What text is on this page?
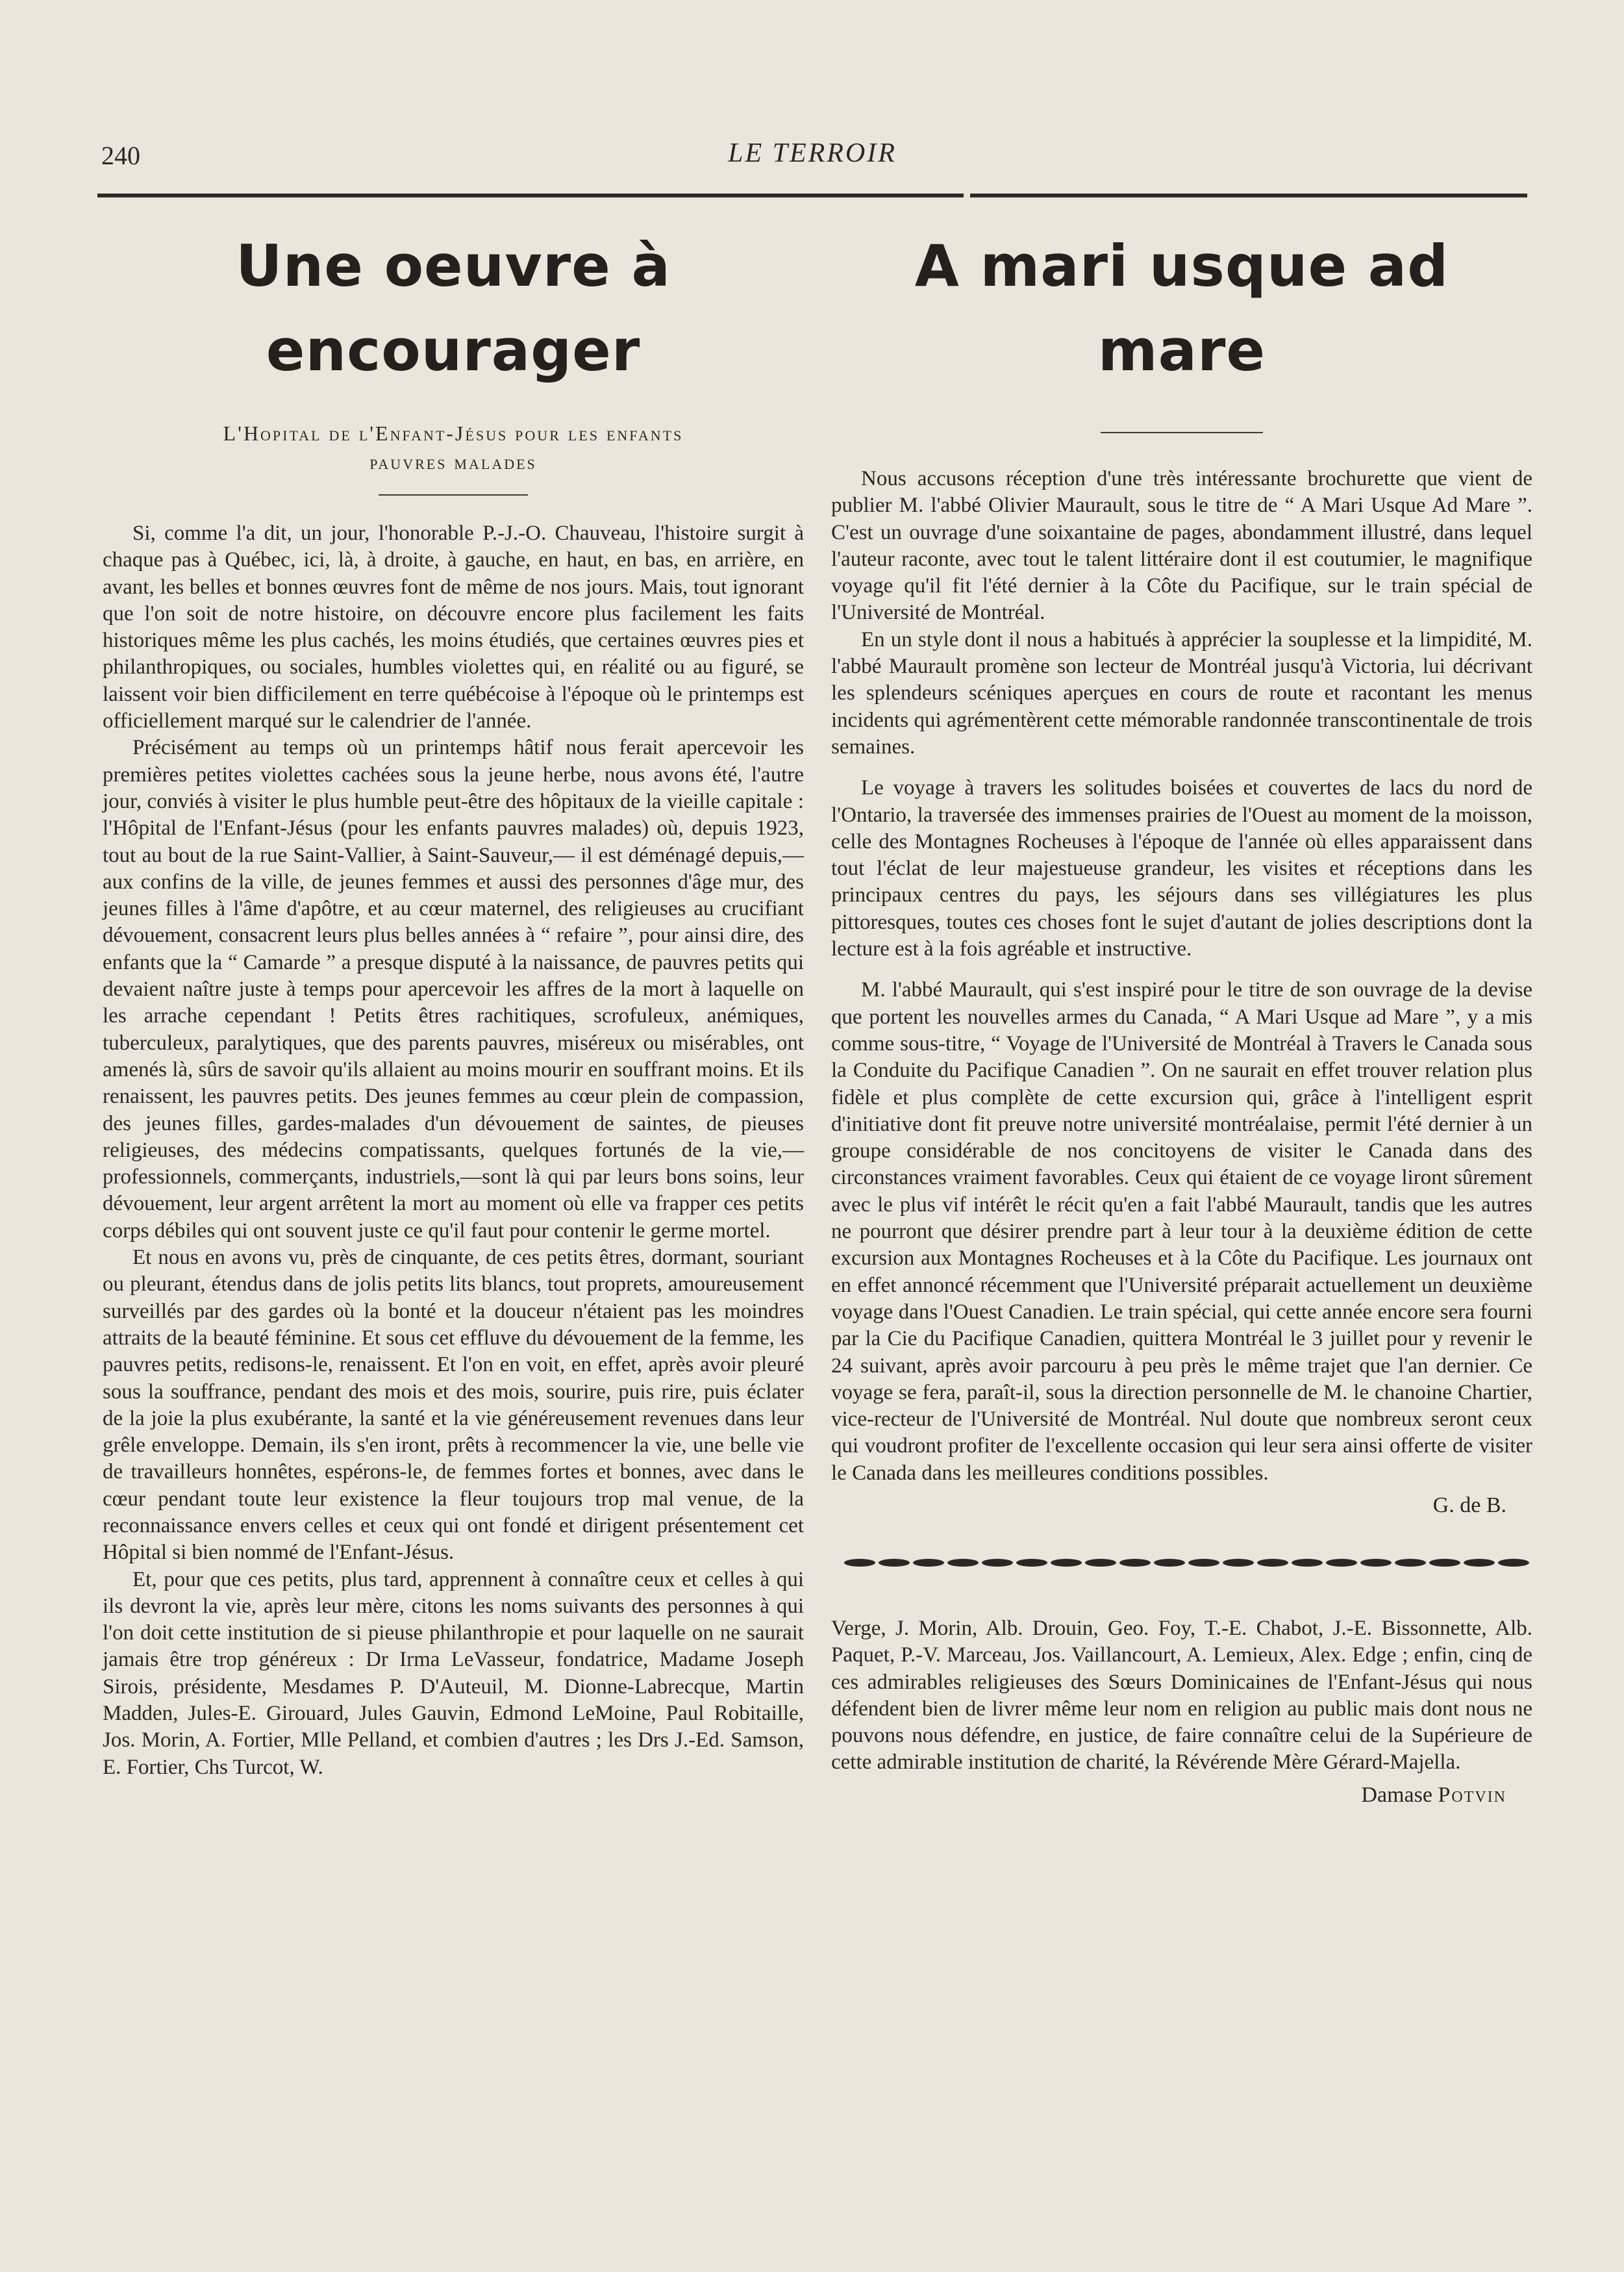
240	LE TERROIR
Une oeuvre à encourager
L'Hopital de l'Enfant-Jésus pour les enfants
pauvres malades

Si, comme l'a dit, un jour, l'honorable P.-J.-O. Chauveau, l'histoire surgit à chaque pas à Québec, ici, là, à droite, à gauche, en haut, en bas, en arrière, en avant, les belles et bonnes œuvres font de même de nos jours. Mais, tout ignorant que l'on soit de notre histoire, on découvre encore plus facilement les faits historiques même les plus cachés, les moins étudiés, que certaines œuvres pies et philanthropiques, ou sociales, humbles violettes qui, en réalité ou au figuré, se laissent voir bien difficilement en terre québécoise à l'époque où le printemps est officiellement marqué sur le calendrier de l'année.

Précisément au temps où un printemps hâtif nous ferait apercevoir les premières petites violettes cachées sous la jeune herbe, nous avons été, l'autre jour, conviés à visiter le plus humble peut-être des hôpitaux de la vieille capitale : l'Hôpital de l'Enfant-Jésus (pour les enfants pauvres malades) où, depuis 1923, tout au bout de la rue Saint-Vallier, à Saint-Sauveur,— il est déménagé depuis,— aux confins de la ville, de jeunes femmes et aussi des personnes d'âge mur, des jeunes filles à l'âme d'apôtre, et au cœur maternel, des religieuses au crucifiant dévouement, consacrent leurs plus belles années à “ refaire ”, pour ainsi dire, des enfants que la “ Camarde ” a presque disputé à la naissance, de pauvres petits qui devaient naître juste à temps pour apercevoir les affres de la mort à laquelle on les arrache cependant ! Petits êtres rachitiques, scrofuleux, anémiques, tuberculeux, paralytiques, que des parents pauvres, miséreux ou misérables, ont amenés là, sûrs de savoir qu'ils allaient au moins mourir en souffrant moins. Et ils renaissent, les pauvres petits. Des jeunes femmes au cœur plein de compassion, des jeunes filles, gardes-malades d'un dévouement de saintes, de pieuses religieuses, des médecins compatissants, quelques fortunés de la vie,—professionnels, commerçants, industriels,—sont là qui par leurs bons soins, leur dévouement, leur argent arrêtent la mort au moment où elle va frapper ces petits corps débiles qui ont souvent juste ce qu'il faut pour contenir le germe mortel.

Et nous en avons vu, près de cinquante, de ces petits êtres, dormant, souriant ou pleurant, étendus dans de jolis petits lits blancs, tout proprets, amoureusement surveillés par des gardes où la bonté et la douceur n'étaient pas les moindres attraits de la beauté féminine. Et sous cet effluve du dévouement de la femme, les pauvres petits, redisons-le, renaissent. Et l'on en voit, en effet, après avoir pleuré sous la souffrance, pendant des mois et des mois, sourire, puis rire, puis éclater de la joie la plus exubérante, la santé et la vie généreusement revenues dans leur grêle enveloppe. Demain, ils s'en iront, prêts à recommencer la vie, une belle vie de travailleurs honnêtes, espérons-le, de femmes fortes et bonnes, avec dans le cœur pendant toute leur existence la fleur toujours trop mal venue, de la reconnaissance envers celles et ceux qui ont fondé et dirigent présentement cet Hôpital si bien nommé de l'Enfant-Jésus.

Et, pour que ces petits, plus tard, apprennent à connaître ceux et celles à qui ils devront la vie, après leur mère, citons les noms suivants des personnes à qui l'on doit cette institution de si pieuse philanthropie et pour laquelle on ne saurait jamais être trop généreux : Dr Irma LeVasseur, fondatrice, Madame Joseph Sirois, présidente, Mesdames P. D'Auteuil, M. Dionne-Labrecque, Martin Madden, Jules-E. Girouard, Jules Gauvin, Edmond LeMoine, Paul Robitaille, Jos. Morin, A. Fortier, Mlle Pelland, et combien d'autres ; les Drs J.-Ed. Samson, E. Fortier, Chs Turcot, W.

A mari usque ad mare

Nous accusons réception d'une très intéressante brochurette que vient de publier M. l'abbé Olivier Maurault, sous le titre de “ A Mari Usque Ad Mare ”. C'est un ouvrage d'une soixantaine de pages, abondamment illustré, dans lequel l'auteur raconte, avec tout le talent littéraire dont il est coutumier, le magnifique voyage qu'il fit l'été dernier à la Côte du Pacifique, sur le train spécial de l'Université de Montréal.

En un style dont il nous a habitués à apprécier la souplesse et la limpidité, M. l'abbé Maurault promène son lecteur de Montréal jusqu'à Victoria, lui décrivant les splendeurs scéniques aperçues en cours de route et racontant les menus incidents qui agrémentèrent cette mémorable randonnée transcontinentale de trois semaines.

Le voyage à travers les solitudes boisées et couvertes de lacs du nord de l'Ontario, la traversée des immenses prairies de l'Ouest au moment de la moisson, celle des Montagnes Rocheuses à l'époque de l'année où elles apparaissent dans tout l'éclat de leur majestueuse grandeur, les visites et réceptions dans les principaux centres du pays, les séjours dans ses villégiatures les plus pittoresques, toutes ces choses font le sujet d'autant de jolies descriptions dont la lecture est à la fois agréable et instructive.

M. l'abbé Maurault, qui s'est inspiré pour le titre de son ouvrage de la devise que portent les nouvelles armes du Canada, “ A Mari Usque ad Mare ”, y a mis comme sous-titre, “ Voyage de l'Université de Montréal à Travers le Canada sous la Conduite du Pacifique Canadien ”. On ne saurait en effet trouver relation plus fidèle et plus complète de cette excursion qui, grâce à l'intelligent esprit d'initiative dont fit preuve notre université montréalaise, permit l'été dernier à un groupe considérable de nos concitoyens de visiter le Canada dans des circonstances vraiment favorables. Ceux qui étaient de ce voyage liront sûrement avec le plus vif intérêt le récit qu'en a fait l'abbé Maurault, tandis que les autres ne pourront que désirer prendre part à leur tour à la deuxième édition de cette excursion aux Montagnes Rocheuses et à la Côte du Pacifique. Les journaux ont en effet annoncé récemment que l'Université préparait actuellement un deuxième voyage dans l'Ouest Canadien. Le train spécial, qui cette année encore sera fourni par la Cie du Pacifique Canadien, quittera Montréal le 3 juillet pour y revenir le 24 suivant, après avoir parcouru à peu près le même trajet que l'an dernier. Ce voyage se fera, paraît-il, sous la direction personnelle de M. le chanoine Chartier, vice-recteur de l'Université de Montréal. Nul doute que nombreux seront ceux qui voudront profiter de l'excellente occasion qui leur sera ainsi offerte de visiter le Canada dans les meilleures conditions possibles.

G. de B.

Verge, J. Morin, Alb. Drouin, Geo. Foy, T.-E. Chabot, J.-E. Bissonnette, Alb. Paquet, P.-V. Marceau, Jos. Vaillancourt, A. Lemieux, Alex. Edge ; enfin, cinq de ces admirables religieuses des Sœurs Dominicaines de l'Enfant-Jésus qui nous défendent bien de livrer même leur nom en religion au public mais dont nous ne pouvons nous défendre, en justice, de faire connaître celui de la Supérieure de cette admirable institution de charité, la Révérende Mère Gérard-Majella.

Damase Potvin
